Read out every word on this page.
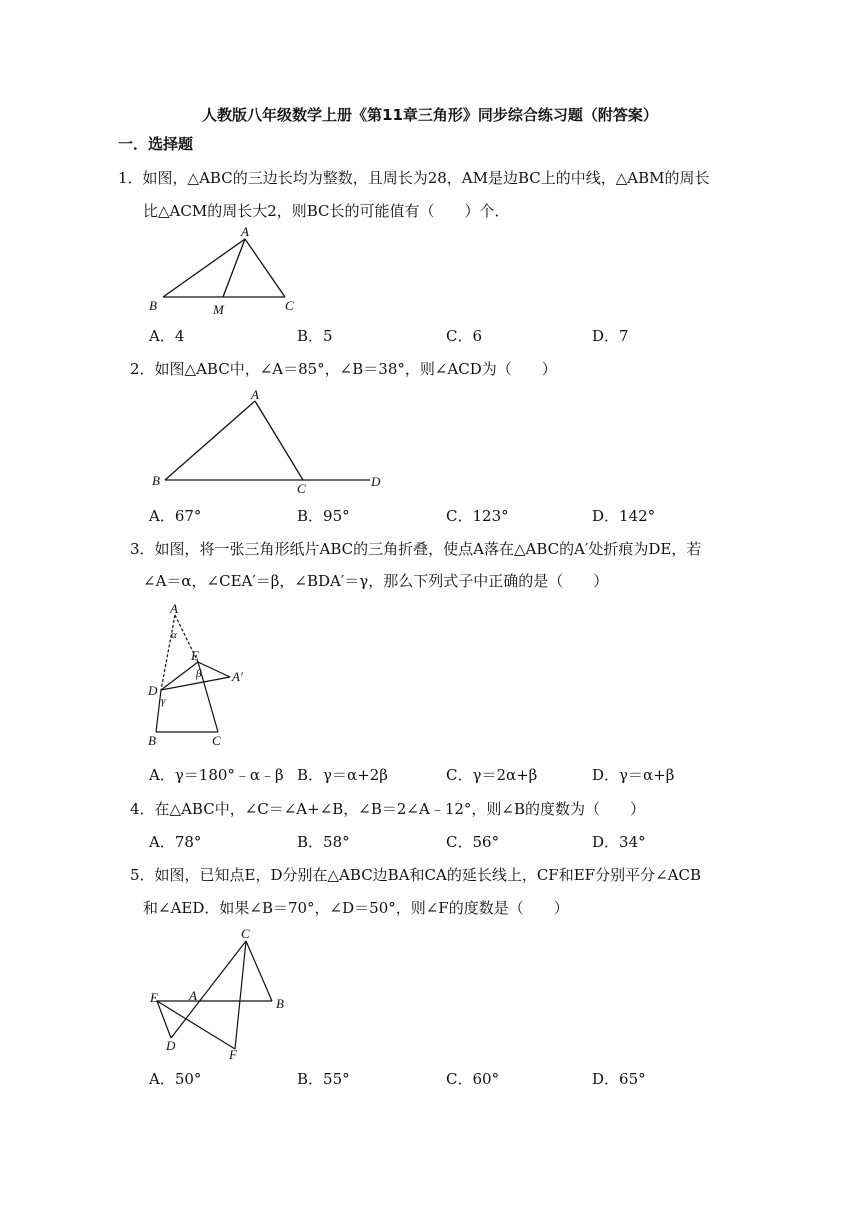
人教版八年级数学上册《第11章三角形》同步综合练习题（附答案）
一．选择题
1．如图，△ABC的三边长均为整数，且周长为28，AM是边BC上的中线，△ABM的周长
比△ACM的周长大2，则BC长的可能值有（　　）个．
A
B	M	C
A．4	B．5	C．6	D．7
2．如图△ABC中，∠A＝85°，∠B＝38°，则∠ACD为（　　）
A
B
C	D
A．67°	B．95°	C．123°	D．142°
3．如图，将一张三角形纸片ABC的三角折叠，使点A落在△ABC的A′处折痕为DE，若
∠A＝α，∠CEA′＝β，∠BDA′＝γ，那么下列式子中正确的是（　　）
A
α
E
β A′
D
γ
B	C
A．γ＝180°﹣α﹣β B．γ＝α+2β	C．γ＝2α+β	D．γ＝α+β
4．在△ABC中，∠C＝∠A+∠B，∠B＝2∠A﹣12°，则∠B的度数为（　　）
A．78°	B．58°	C．56°	D．34°
5．如图，已知点E，D分别在△ABC边BA和CA的延长线上，CF和EF分别平分∠ACB
和∠AED．如果∠B＝70°，∠D＝50°，则∠F的度数是（　　）
C
E A
B
D
F
A．50°	B．55°	C．60°	D．65°
